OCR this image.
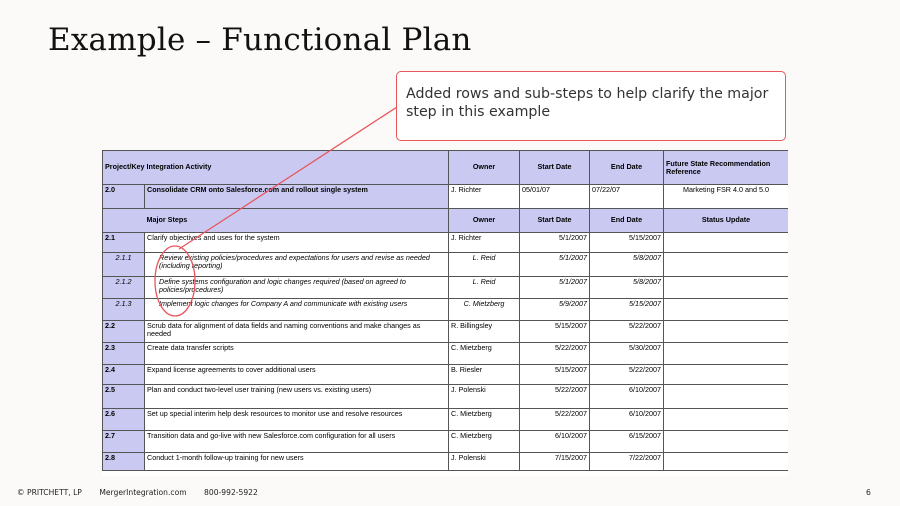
Example – Functional Plan
Project/Key Integration Activity		Owner	Start Date	End Date	Future State Recommendation Reference
2.0	Consolidate CRM onto Salesforce.com and rollout single system	J. Richter	05/01/07	07/22/07	Marketing FSR 4.0 and 5.0
	Major Steps	Owner	Start Date	End Date	Status Update
2.1	Clarify objectives and uses for the system	J. Richter	5/1/2007	5/15/2007	
2.1.1	Review existing policies/procedures and expectations for users and revise as needed (including reporting)	L. Reid	5/1/2007	5/8/2007	
2.1.2	Define systems configuration and logic changes required (based on agreed to policies/procedures)	L. Reid	5/1/2007	5/8/2007	
2.1.3	Implement logic changes for Company A and communicate with existing users	C. Mietzberg	5/9/2007	5/15/2007	
2.2	Scrub data for alignment of data fields and naming conventions and make changes as needed	R. Billingsley	5/15/2007	5/22/2007	
2.3	Create data transfer scripts	C. Mietzberg	5/22/2007	5/30/2007	
2.4	Expand license agreements to cover additional users	B. Riesler	5/15/2007	5/22/2007	
2.5	Plan and conduct two-level user training (new users vs. existing users)	J. Polenski	5/22/2007	6/10/2007	
2.6	Set up special interim help desk resources to monitor use and resolve resources	C. Mietzberg	5/22/2007	6/10/2007	
2.7	Transition data and go-live with new Salesforce.com configuration for all users	C. Mietzberg	6/10/2007	6/15/2007	
2.8	Conduct 1-month follow-up training for new users	J. Polenski	7/15/2007	7/22/2007	
Added rows and sub-steps to help clarify the major step in this example
© PRITCHETT, LP MergerIntegration.com 800-992-5922	6
